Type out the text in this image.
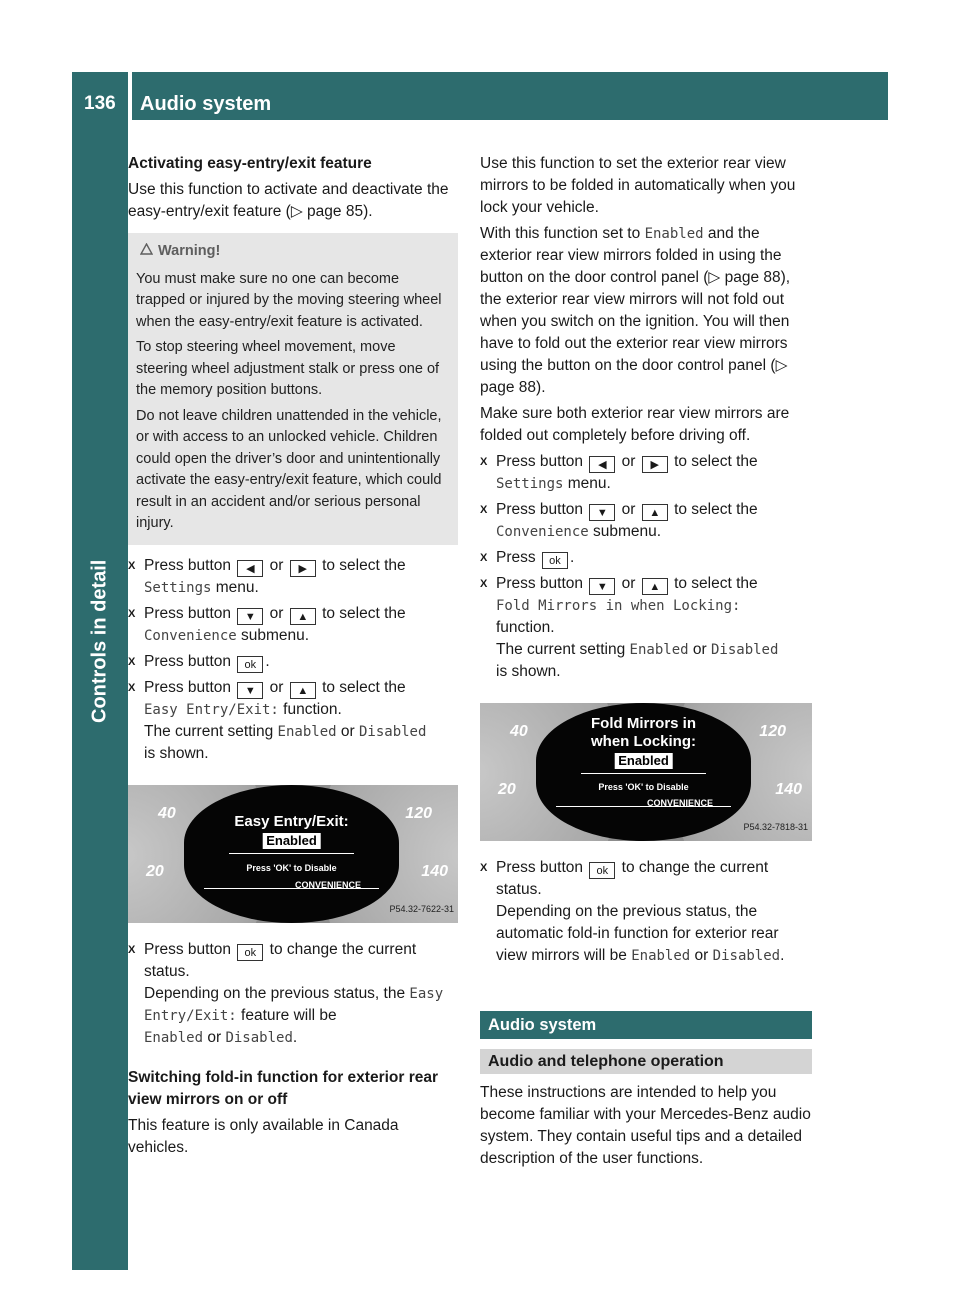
136	Audio system
Controls in detail

Activating easy-entry/exit feature

Use this function to activate and deactivate the easy-entry/exit feature (▷ page 85).

Warning!

You must make sure no one can become trapped or injured by the moving steering wheel when the easy-entry/exit feature is activated.

To stop steering wheel movement, move steering wheel adjustment stalk or press one of the memory position buttons.

Do not leave children unattended in the vehicle, or with access to an unlocked vehicle. Children could open the driver’s door and unintentionally activate the easy-entry/exit feature, which could result in an accident and/or serious personal injury.

X Press button ◀ or ▶ to select the
Settings menu.
X Press button ▼ or ▲ to select the
Convenience submenu.
X Press button ok .
X Press button ▼ or ▲ to select the
Easy Entry/Exit: function.
The current setting Enabled or Disabled
is shown.
40
20
120
140
Easy Entry/Exit:
Enabled
Press 'OK' to Disable
CONVENIENCE
P54.32-7622-31
X Press button ok to change the current status.
Depending on the previous status, the Easy Entry/Exit: feature will be
Enabled or Disabled.

Switching fold-in function for exterior rear view mirrors on or off

This feature is only available in Canada vehicles.

Use this function to set the exterior rear view mirrors to be folded in automatically when you lock your vehicle.

With this function set to Enabled and the exterior rear view mirrors folded in using the button on the door control panel (▷ page 88), the exterior rear view mirrors will not fold out when you switch on the ignition. You will then have to fold out the exterior rear view mirrors using the button on the door control panel (▷ page 88).

Make sure both exterior rear view mirrors are folded out completely before driving off.

X Press button ◀ or ▶ to select the
Settings menu.
X Press button ▼ or ▲ to select the
Convenience submenu.
X Press ok .
X Press button ▼ or ▲ to select the
Fold Mirrors in when Locking:
function.
The current setting Enabled or Disabled
is shown.
40
20
120
140
Fold Mirrors in
when Locking:
Enabled
Press 'OK' to Disable
CONVENIENCE
P54.32-7818-31
X Press button ok to change the current status.
Depending on the previous status, the automatic fold-in function for exterior rear view mirrors will be Enabled or Disabled.
Audio system
Audio and telephone operation

These instructions are intended to help you become familiar with your Mercedes-Benz audio system. They contain useful tips and a detailed description of the user functions.
